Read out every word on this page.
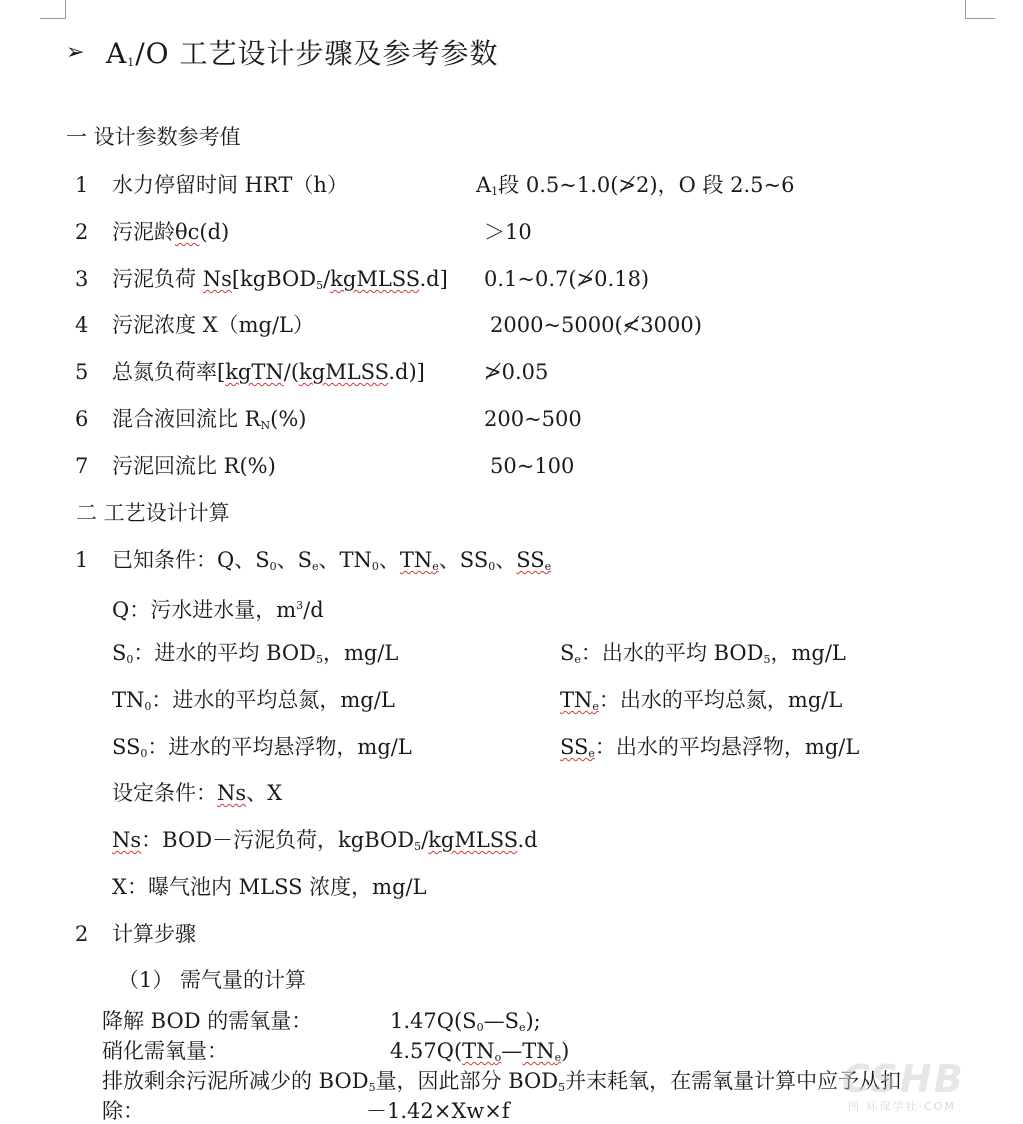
➢ $A_1/O$ 工艺设计步骤及参考参数
一 设计参数参考值
1 水力停留时间 HRT（h）	$A_1$段 0.5~1.0(≯2)，O 段 2.5~6
2 污泥龄θc(d)	＞10
3 污泥负荷 Ns[kgBOD$_5$/kgMLSS.d] 0.1~0.7(≯0.18)
4 污泥浓度 X（mg/L）	2000~5000(≮3000)
5 总氮负荷率[kgTN/(kgMLSS.d)]	≯0.05
6 混合液回流比 $R_N(\%)$	200~500
7 污泥回流比 R(%)	50~100
二 工艺设计计算
1 已知条件：Q、$S_0$、$S_e$、$TN_0$、$TN_e$、$SS_0$、$SS_e$
Q：污水进水量，$m^3/d$
$S_0$：进水的平均 $BOD_5$，mg/L	$S_e$：出水的平均 $BOD_5$，mg/L
$TN_0$：进水的平均总氮，mg/L	$TN_e$：出水的平均总氮，mg/L
$SS_0$：进水的平均悬浮物，mg/L	$SS_e$：出水的平均悬浮物，mg/L
设定条件：Ns、X
Ns：BOD－污泥负荷，kgBOD$_5$/kgMLSS.d
X：曝气池内 MLSS 浓度，mg/L
2 计算步骤
（1） 需气量的计算
降解 BOD 的需氧量：	$1.47Q(S_0—S_e)$;
硝化需氧量：	$4.57Q(TN_o—TN_e)$
排放剩余污泥所减少的 $BOD_5$量，因此部分 $BOD_5$并末耗氧，在需氧量计算中应予从扣
除：	－1.42×Xw×f
CSHB
图 环保学社·COM
